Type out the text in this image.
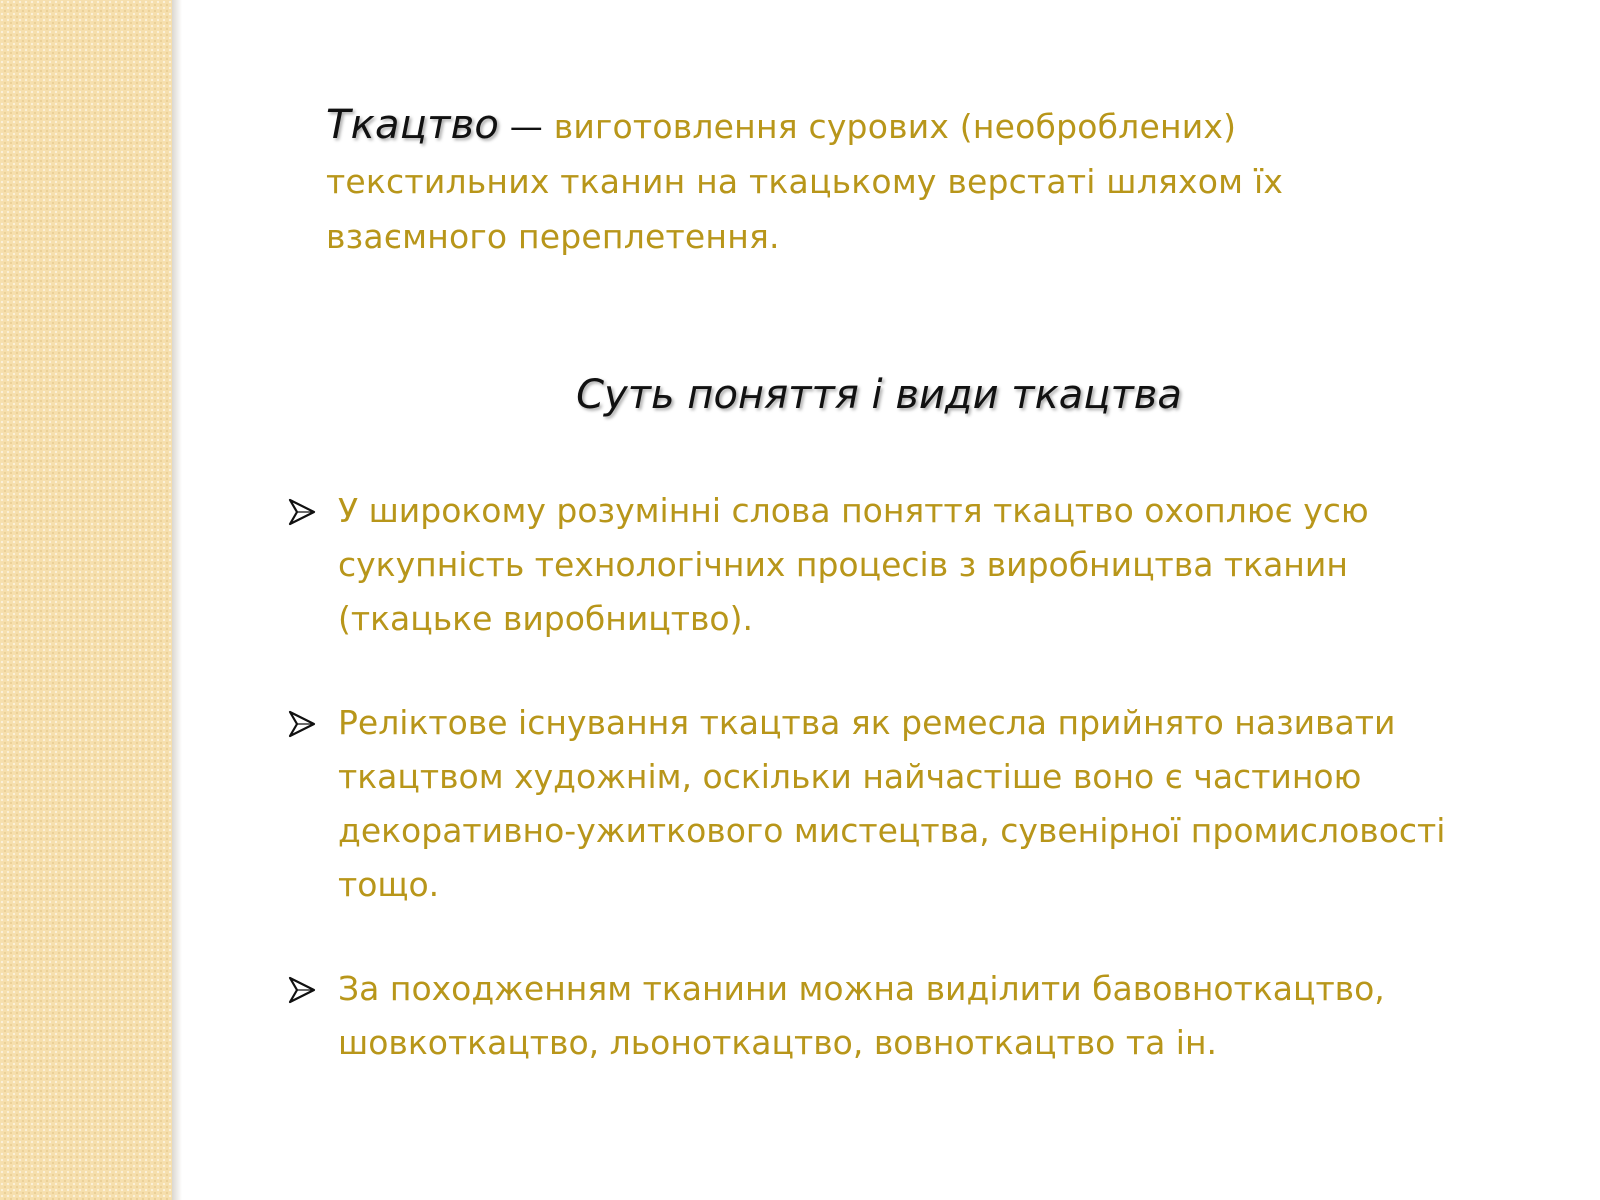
Ткацтво — виготовлення сурових (необроблених) текстильних тканин на ткацькому верстаті шляхом їх взаємного переплетення.

Суть поняття і види ткацтва
У широкому розумінні слова поняття ткацтво охоплює усю сукупність технологічних процесів з виробництва тканин (ткацьке виробництво).
Реліктове існування ткацтва як ремесла прийнято називати ткацтвом художнім, оскільки найчастіше воно є частиною декоративно-ужиткового мистецтва, сувенірної промисловості тощо.
За походженням тканини можна виділити бавовноткацтво, шовкоткацтво, льоноткацтво, вовноткацтво та ін.
